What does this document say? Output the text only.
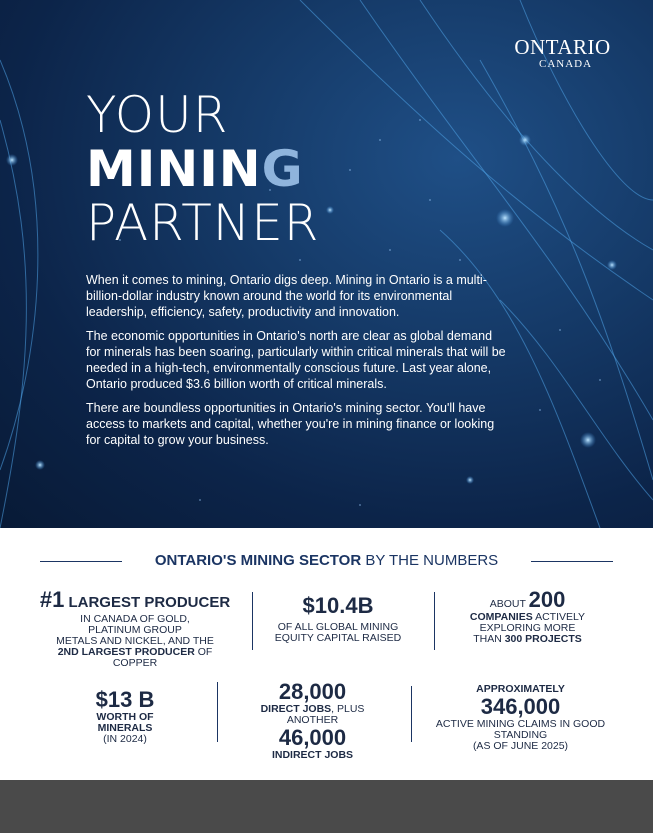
ONTARIO
CANADA
YOUR
MINING
PARTNER

When it comes to mining, Ontario digs deep. Mining in Ontario is a multi-billion-dollar industry known around the world for its environmental leadership, efficiency, safety, productivity and innovation.

The economic opportunities in Ontario's north are clear as global demand for minerals has been soaring, particularly within critical minerals that will be needed in a high-tech, environmentally conscious future. Last year alone, Ontario produced $3.6 billion worth of critical minerals.

There are boundless opportunities in Ontario's mining sector. You'll have access to markets and capital, whether you're in mining finance or looking for capital to grow your business.

ONTARIO'S MINING SECTOR BY THE NUMBERS
#1 LARGEST PRODUCER
IN CANADA OF GOLD,
PLATINUM GROUP
METALS AND NICKEL, AND THE
2ND LARGEST PRODUCER OF
COPPER
$10.4B
OF ALL GLOBAL MINING
EQUITY CAPITAL RAISED
ABOUT 200
COMPANIES ACTIVELY
EXPLORING MORE
THAN 300 PROJECTS
$13 B
WORTH OF
MINERALS
(IN 2024)
28,000
DIRECT JOBS, PLUS
ANOTHER
46,000
INDIRECT JOBS
APPROXIMATELY
346,000
ACTIVE MINING CLAIMS IN GOOD
STANDING
(AS OF JUNE 2025)
